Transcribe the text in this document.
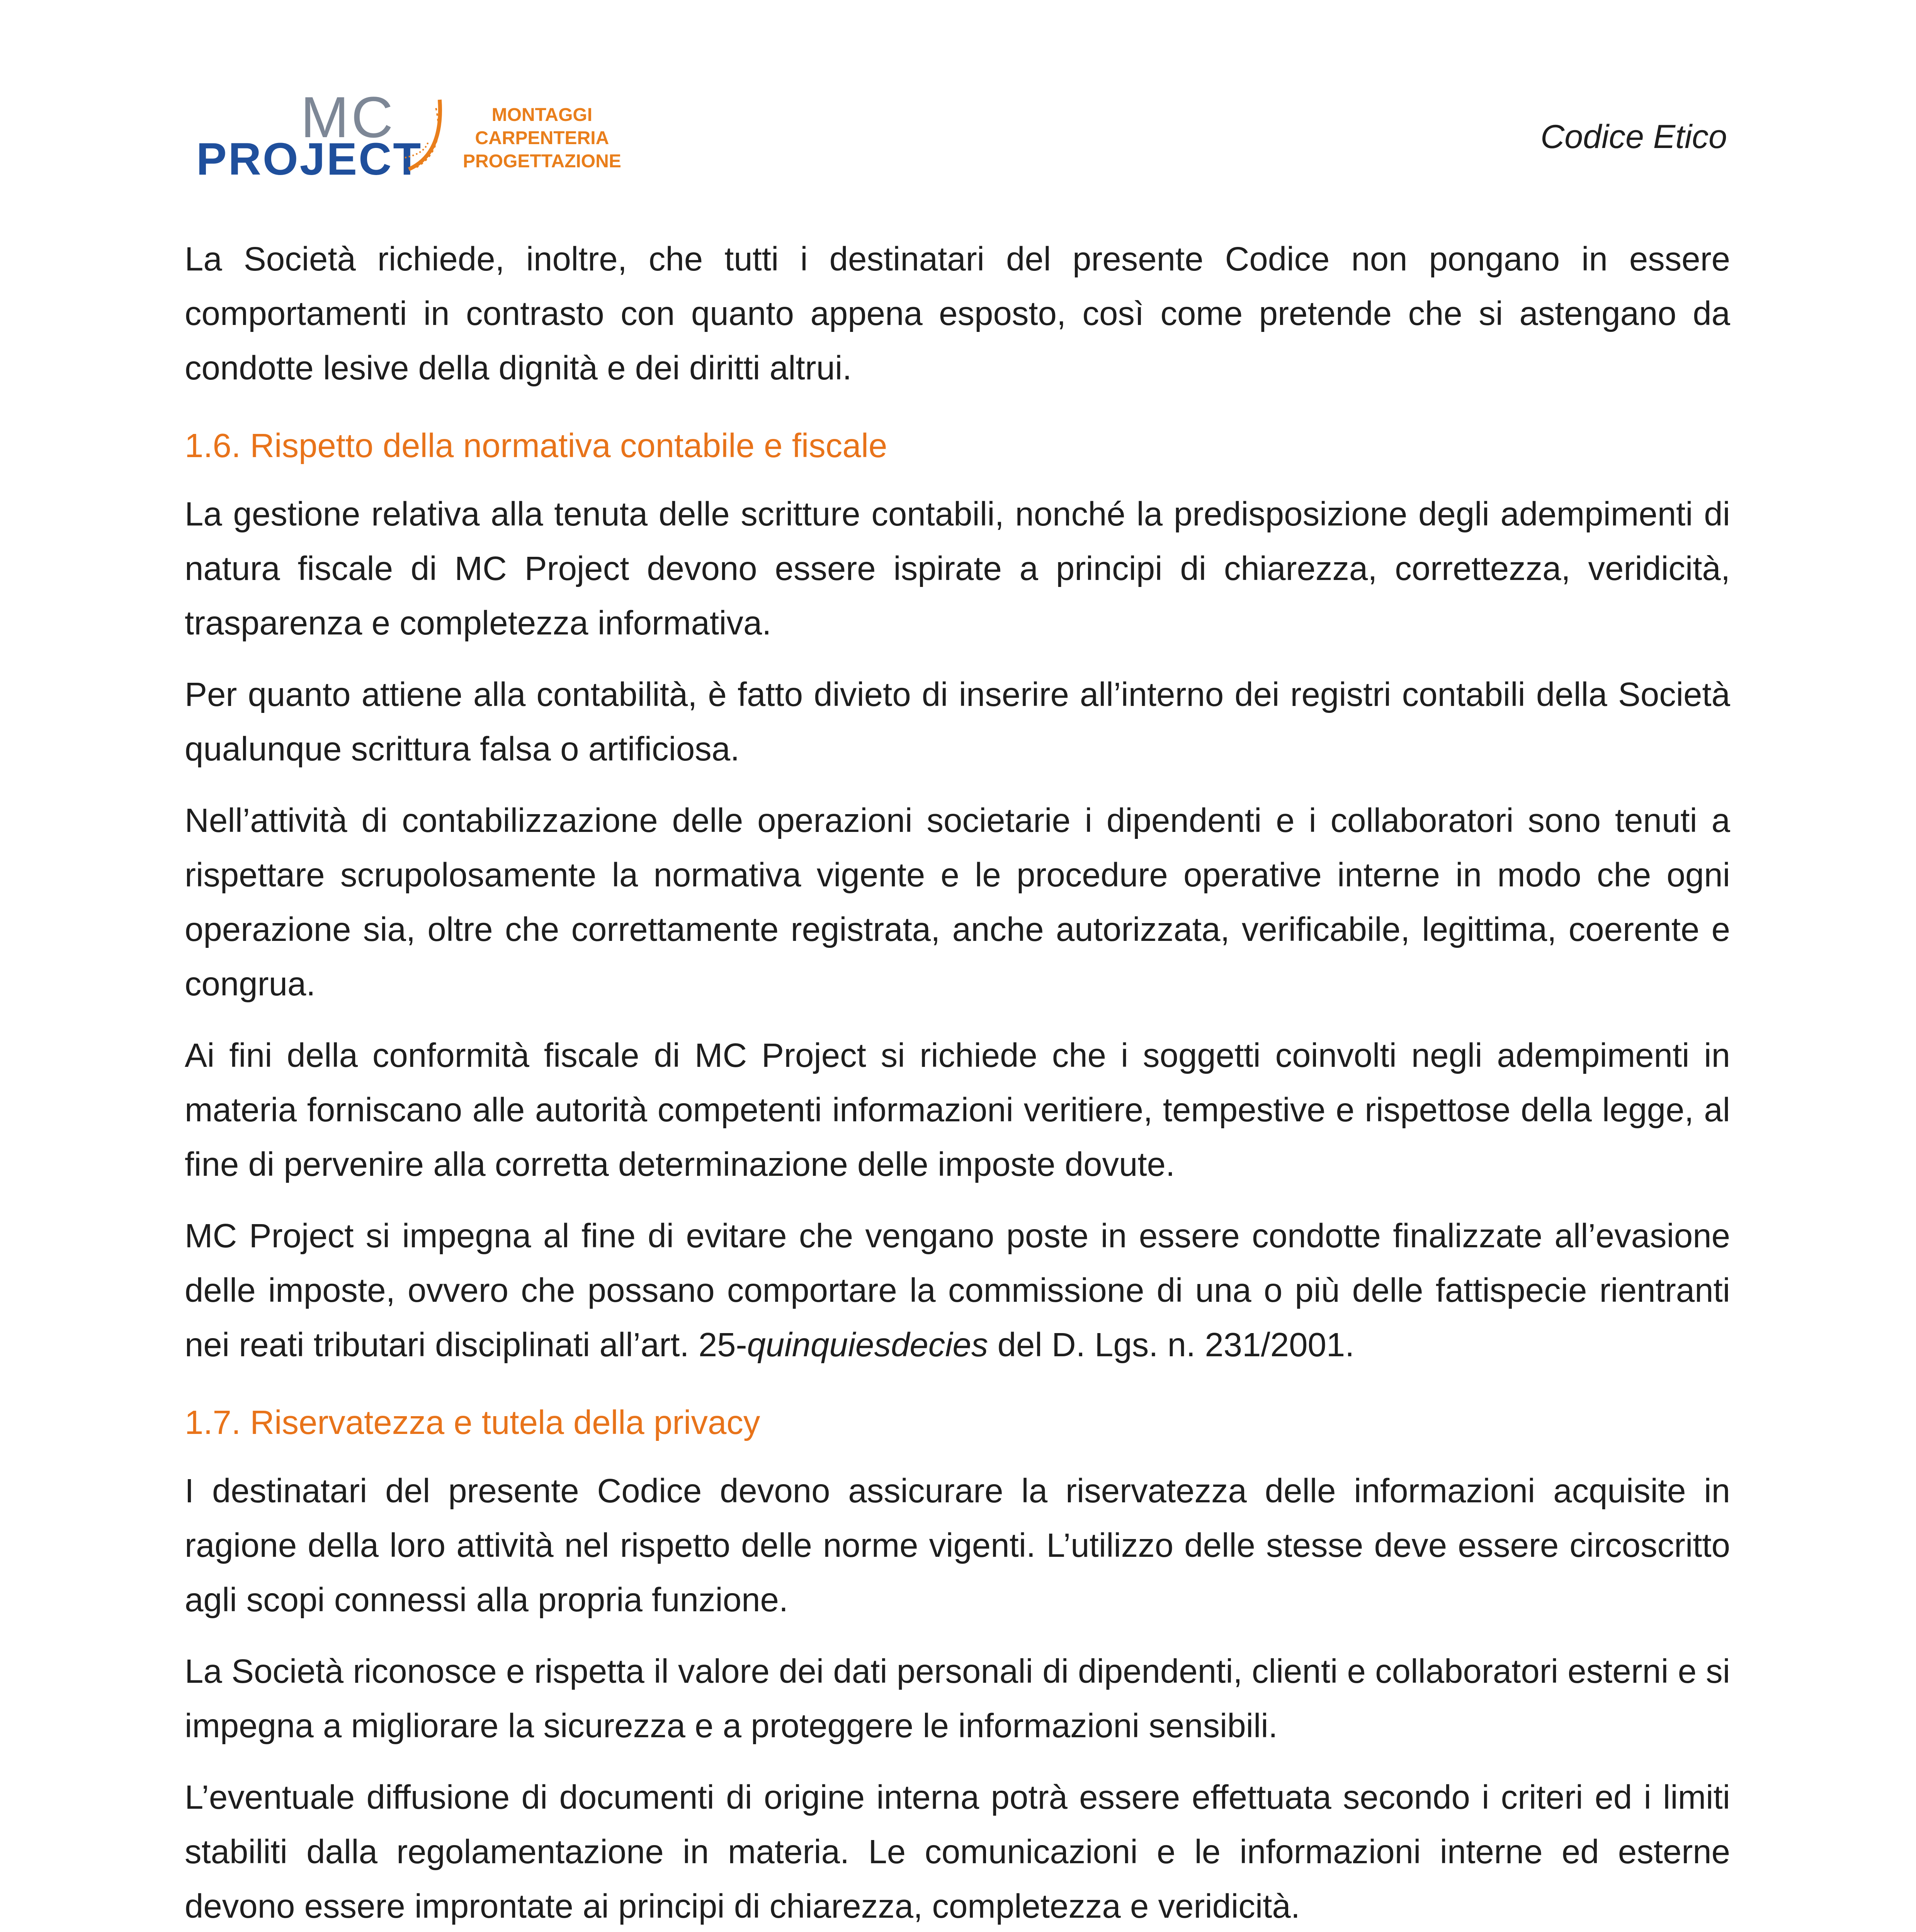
MC
PROJECT
MONTAGGI
CARPENTERIA
PROGETTAZIONE
Codice Etico

La Società richiede, inoltre, che tutti i destinatari del presente Codice non pongano in essere comportamenti in contrasto con quanto appena esposto, così come pretende che si astengano da condotte lesive della dignità e dei diritti altrui.

1.6. Rispetto della normativa contabile e fiscale

La gestione relativa alla tenuta delle scritture contabili, nonché la predisposizione degli adempimenti di natura fiscale di MC Project devono essere ispirate a principi di chiarezza, correttezza, veridicità, trasparenza e completezza informativa.

Per quanto attiene alla contabilità, è fatto divieto di inserire all’interno dei registri contabili della Società qualunque scrittura falsa o artificiosa.

Nell’attività di contabilizzazione delle operazioni societarie i dipendenti e i collaboratori sono tenuti a rispettare scrupolosamente la normativa vigente e le procedure operative interne in modo che ogni operazione sia, oltre che correttamente registrata, anche autorizzata, verificabile, legittima, coerente e congrua.

Ai fini della conformità fiscale di MC Project si richiede che i soggetti coinvolti negli adempimenti in materia forniscano alle autorità competenti informazioni veritiere, tempestive e rispettose della legge, al fine di pervenire alla corretta determinazione delle imposte dovute.

MC Project si impegna al fine di evitare che vengano poste in essere condotte finalizzate all’evasione delle imposte, ovvero che possano comportare la commissione di una o più delle fattispecie rientranti nei reati tributari disciplinati all’art. 25-quinquiesdecies del D. Lgs. n. 231/2001.

1.7. Riservatezza e tutela della privacy

I destinatari del presente Codice devono assicurare la riservatezza delle informazioni acquisite in ragione della loro attività nel rispetto delle norme vigenti. L’utilizzo delle stesse deve essere circoscritto agli scopi connessi alla propria funzione.

La Società riconosce e rispetta il valore dei dati personali di dipendenti, clienti e collaboratori esterni e si impegna a migliorare la sicurezza e a proteggere le informazioni sensibili.

L’eventuale diffusione di documenti di origine interna potrà essere effettuata secondo i criteri ed i limiti stabiliti dalla regolamentazione in materia. Le comunicazioni e le informazioni interne ed esterne devono essere improntate ai principi di chiarezza, completezza e veridicità.
